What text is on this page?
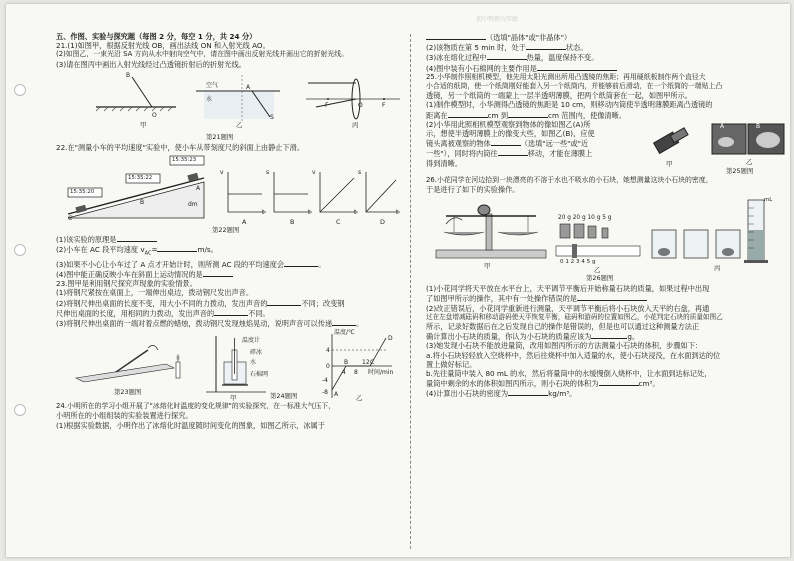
初中物理九年级

五、作图、实验与探究题（每图 2 分，每空 1 分，共 24 分）

21.(1)如图甲，根据反射光线 OB，画出法线 ON 和入射光线 AO。

(2)如图乙，一束光沿 SA 方向从水中射向空气中，请在图中画出反射光线并画出它的折射光线。

(3)请在图丙中画出入射光线经过凸透镜折射后的折射光线。

B
O
空气
水
A
S
F	O	F
甲	乙	丙
第21题图

22.在"测量小车的平均速度"实验中，使小车从带刻度尺的斜面上由静止下滑。

15:35:20
15:35:22
15:35:23
A
B
C
dm
v	s	v	s
t	t	t	t
A	B	C	D
第22题图

(1)该实验的原理是

(2)小车在 AC 段平均速度 $v_{AC}=$	m/s。

(3)如果不小心让小车过了 A 点才开始计时，则所测 AC 段的平均速度会	。

(4)图中能正确反映小车在斜面上运动情况的是

23.图甲是利用钢尺探究声现象的实验情景。

(1)将钢尺紧按在桌面上，一端伸出桌边，拨动钢尺发出声音。

(2)将钢尺伸出桌面的长度不变，用大小不同的力拨动，发出声音的	不同；改变钢

尺伸出桌面的长度，用相同的力拨动，发出声音的	不同。

(3)将钢尺伸出桌面的一端对着点燃的蜡烛，拨动钢尺发现烛焰晃动，说明声音可以传递	。

温度计
碎冰
水
石棉网
温度/℃
时间/min
4 8
12
4
0
-4
-8 A
B	C
D
甲	乙
第23题图	第24题图

24.小明所在的学习小组开展了"冰熔化时温度的变化规律"的实验探究，在一标准大气压下，

小明所在的小组组装的实验装置进行探究。

(1)根据实验数据，小明作出了冰熔化时温度随时间变化的图象，如图乙所示，冰属于

（选填"晶体"或"非晶体"）

(2)该物质在第 5 min 时，处于	状态。

(3)冰在熔化过程中	热量，温度保持不变。

(4)图中装有小石棉网的主要作用是

25.小华制作照相机模型，他先用太阳光测出所用凸透镜的焦距；再用硬纸板制作两个直径大

小合适的纸筒，使一个纸筒刚好能套入另一个纸筒内，并能够前后滑动，在一个纸筒的一端贴上凸

透镜，另一个纸筒的一端蒙上一层半透明薄膜，把两个纸筒套在一起，如图甲所示。

(1)制作模型时，小华测得凸透镜的焦距是 10 cm，则移动内筒使半透明薄膜距离凸透镜的

距离在	cm 到	cm 范围内，使像清晰。

(2)小华用此照相机模型观察到物体的像如图乙(A)所

示，想使半透明薄膜上的像变大些，如图乙(B)，应使

镜头离被观察的物体	（选填"远一些"或"近

一些"），同时将内筒往	移动，才能在薄膜上

得到清晰。

A	B
甲	乙
第25题图

26.小花同学在河边拾到一块漂亮的不溶于水也不吸水的小石块，她想测量这块小石块的密度，

于是进行了如下的实验操作。

20 g 20 g 10 g 5 g
0 1 2 3 4 5 g
mL
甲	乙	丙
第26题图

(1)小花同学将天平放在水平台上，天平调节平衡后开始称量石块的质量，如果过程中出现

了如图甲所示的操作，其中有一处操作错误的是

(2)改正错误后，小花同学重新进行测量，天平调节平衡后将小石块放入天平的右盘，再通

过在左盘增减砝码和移动游码使天平恢复平衡，砝码和游码的位置如图乙，小花判定石块的质量如图乙

所示，记录好数据后在之后发现自己的操作是错误的，但是也可以通过这种测量方法正

确计算出小石块的质量，你认为小石块的质量应该为	g。

(3)她发现小石块不能放进量筒，改用如图丙所示的方法测量小石块的体积，步骤如下：

a.将小石块轻轻放入空烧杯中，然后往烧杯中加入适量的水，使小石块浸没，在水面到达的位

置上做好标记。

b.先往量筒中装入 80 mL 的水，然后将量筒中的水缓慢倒入烧杯中，让水面到达标记处，

量筒中剩余的水的体积如图丙所示，则小石块的体积为	cm³。

(4)计算出小石块的密度为	kg/m³。
